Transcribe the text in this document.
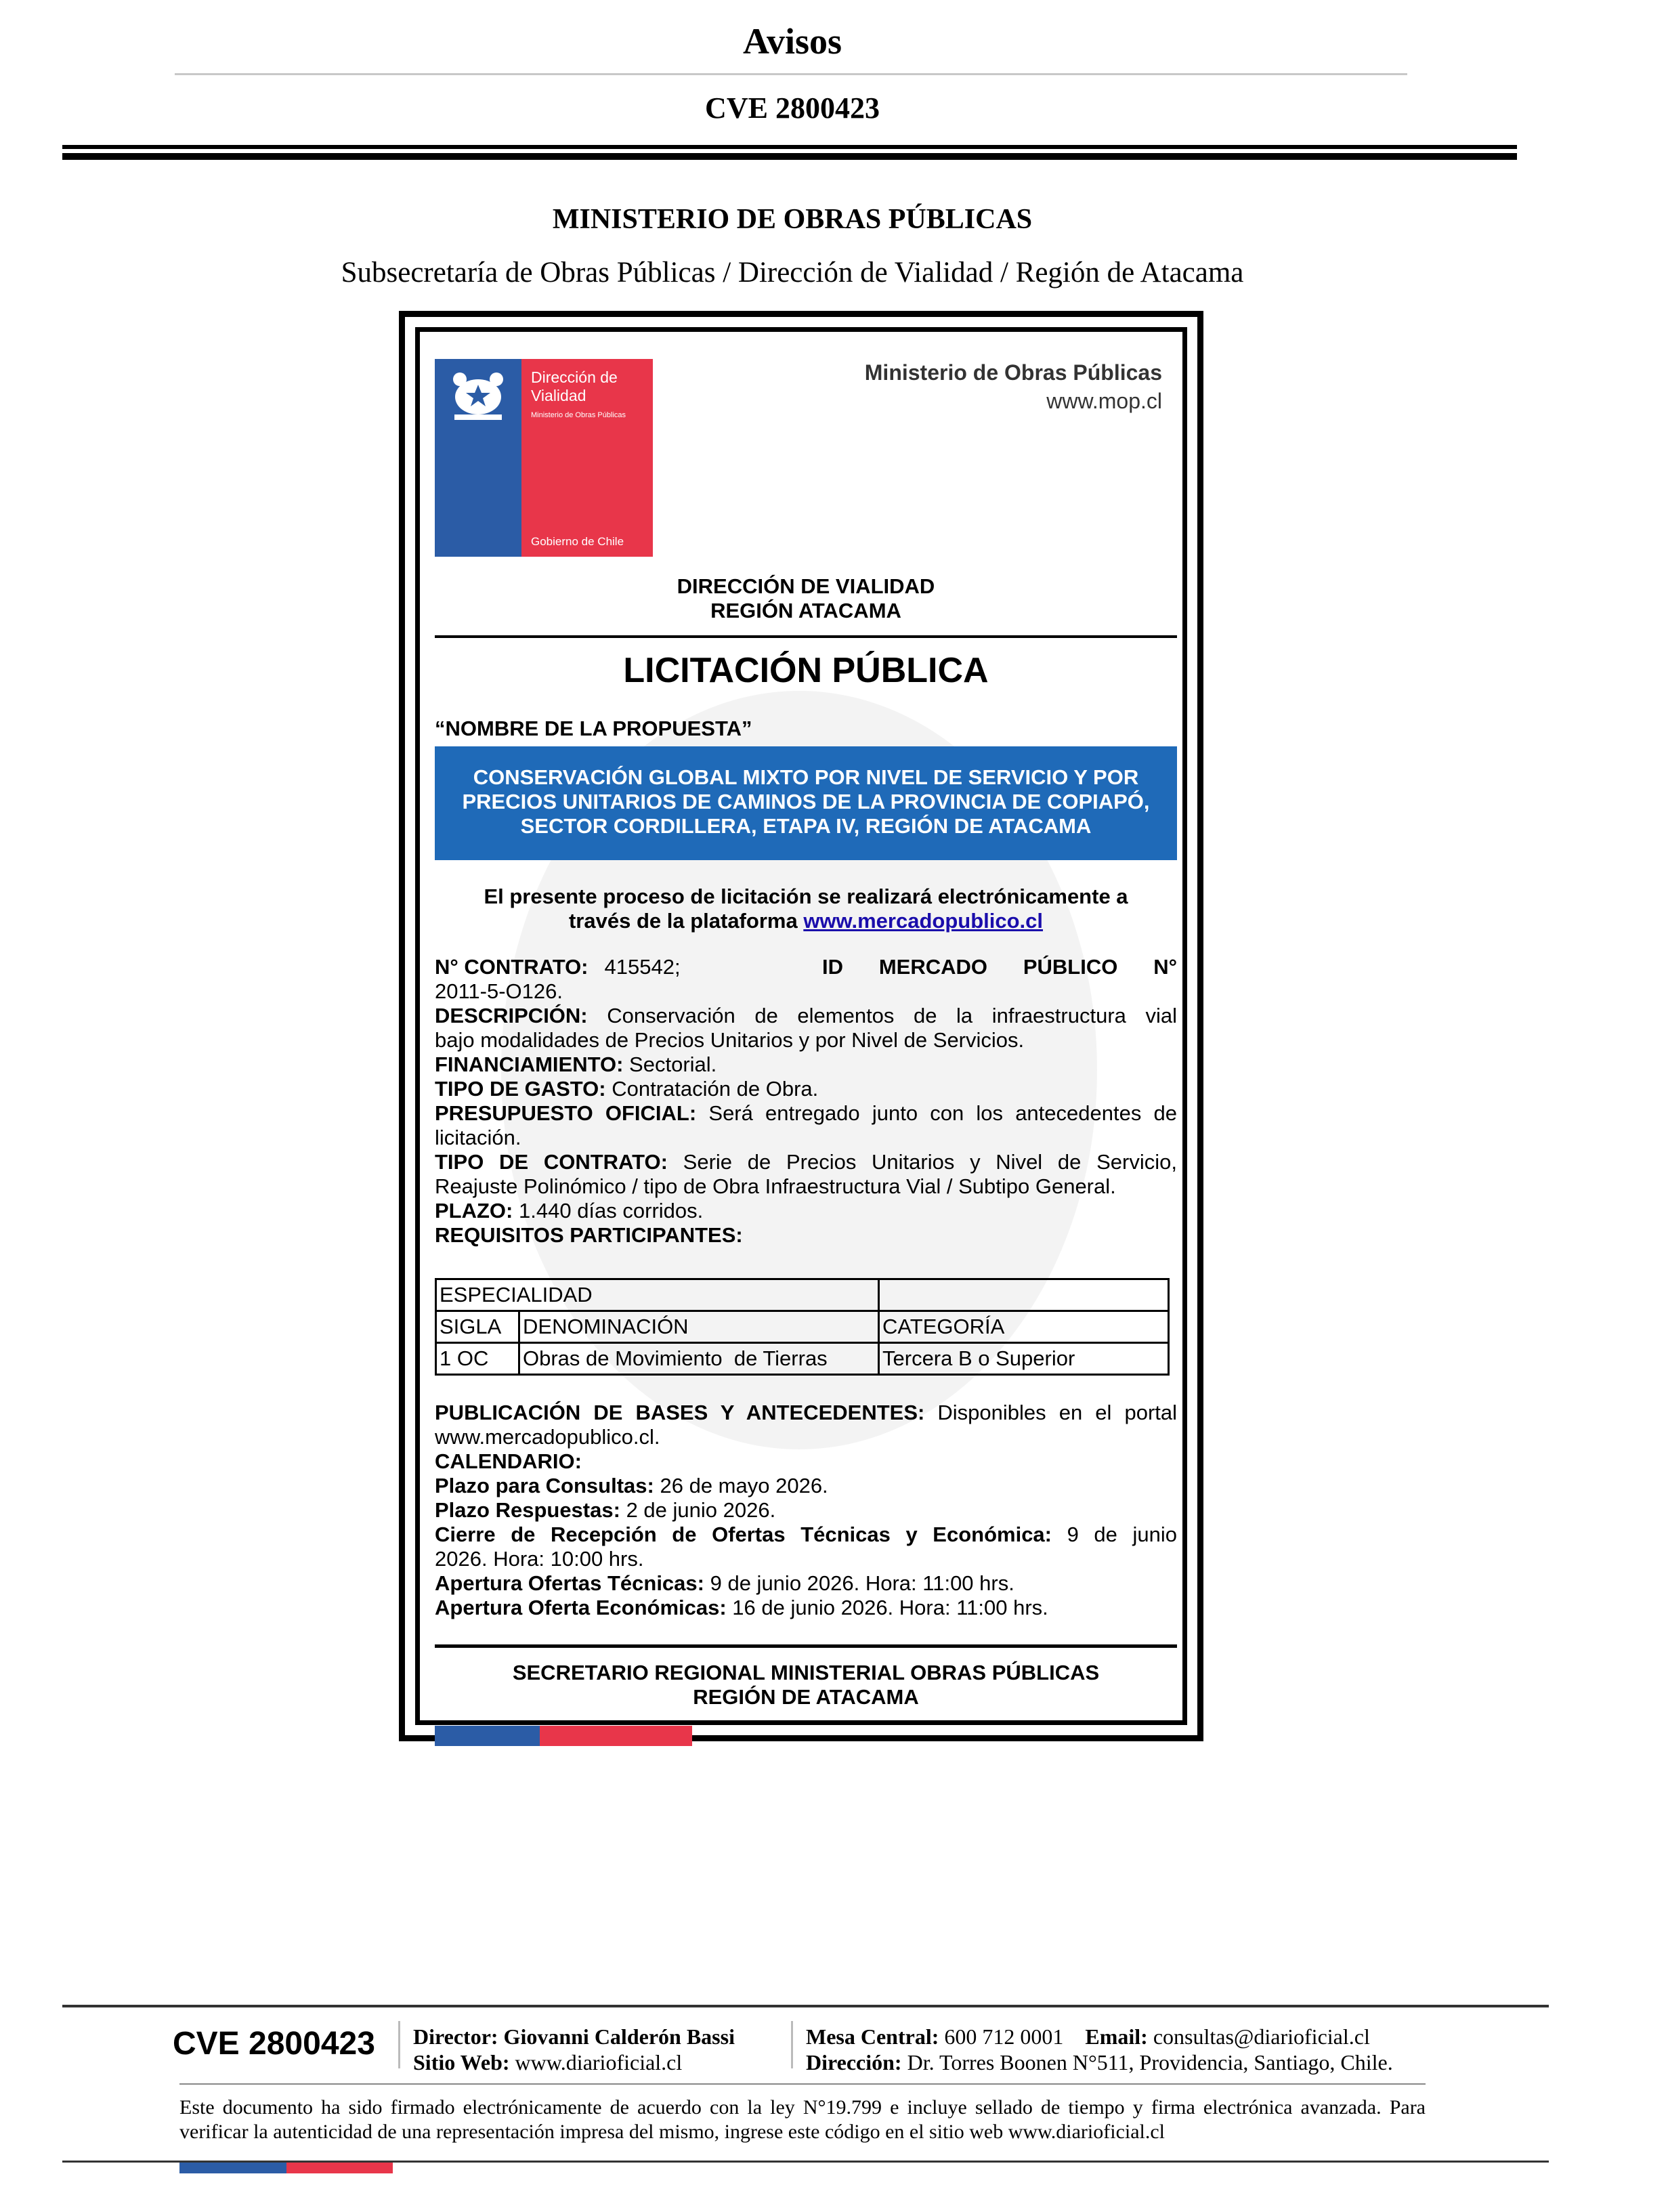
Avisos
CVE 2800423
MINISTERIO DE OBRAS PÚBLICAS
Subsecretaría de Obras Públicas / Dirección de Vialidad / Región de Atacama
Dirección de
Vialidad
Ministerio de Obras Públicas
Gobierno de Chile
Ministerio de Obras Públicas
www.mop.cl
DIRECCIÓN DE VIALIDAD
REGIÓN ATACAMA
LICITACIÓN PÚBLICA
“NOMBRE DE LA PROPUESTA”
CONSERVACIÓN GLOBAL MIXTO POR NIVEL DE SERVICIO Y POR
PRECIOS UNITARIOS DE CAMINOS DE LA PROVINCIA DE COPIAPÓ,
SECTOR CORDILLERA, ETAPA IV, REGIÓN DE ATACAMA
El presente proceso de licitación se realizará electrónicamente a
través de la plataforma www.mercadopublico.cl
N° CONTRATO: 415542;	ID MERCADO PÚBLICO N°
2011-5-O126.
DESCRIPCIÓN: Conservación de elementos de la infraestructura vial
bajo modalidades de Precios Unitarios y por Nivel de Servicios.
FINANCIAMIENTO: Sectorial.
TIPO DE GASTO: Contratación de Obra.
PRESUPUESTO OFICIAL: Será entregado junto con los antecedentes de
licitación.
TIPO DE CONTRATO: Serie de Precios Unitarios y Nivel de Servicio,
Reajuste Polinómico / tipo de Obra Infraestructura Vial / Subtipo General.
PLAZO: 1.440 días corridos.
REQUISITOS PARTICIPANTES:
ESPECIALIDAD		
SIGLA	DENOMINACIÓN	CATEGORÍA
1 OC	Obras de Movimiento  de Tierras	Tercera B o Superior
PUBLICACIÓN DE BASES Y ANTECEDENTES: Disponibles en el portal
www.mercadopublico.cl.
CALENDARIO:
Plazo para Consultas: 26 de mayo 2026.
Plazo Respuestas: 2 de junio 2026.
Cierre de Recepción de Ofertas Técnicas y Económica: 9 de junio
2026. Hora: 10:00 hrs.
Apertura Ofertas Técnicas: 9 de junio 2026. Hora: 11:00 hrs.
Apertura Oferta Económicas: 16 de junio 2026. Hora: 11:00 hrs.
SECRETARIO REGIONAL MINISTERIAL OBRAS PÚBLICAS
REGIÓN DE ATACAMA
CVE 2800423 Director: Giovanni Calderón Bassi
Sitio Web: www.diarioficial.cl
Mesa Central: 600 712 0001 Email: consultas@diarioficial.cl
Dirección: Dr. Torres Boonen N°511, Providencia, Santiago, Chile.
Este documento ha sido firmado electrónicamente de acuerdo con la ley N°19.799 e incluye sellado de tiempo y firma electrónica avanzada. Para verificar la autenticidad de una representación impresa del mismo, ingrese este código en el sitio web www.diarioficial.cl
